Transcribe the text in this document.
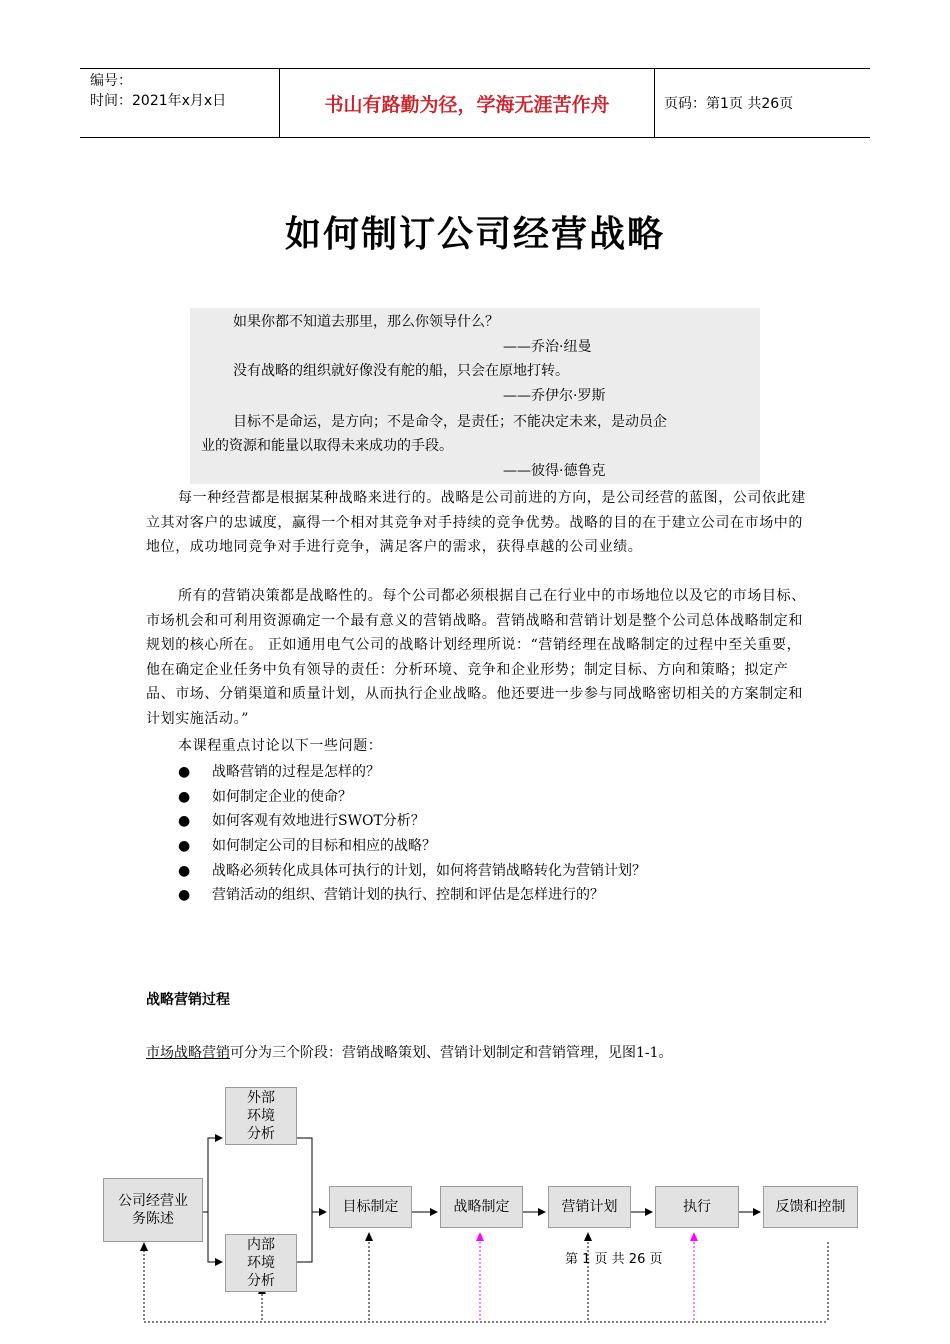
编号：
时间：2021年x月x日	书山有路勤为径，学海无涯苦作舟	页码：第1页 共26页
如何制订公司经营战略
如果你都不知道去那里，那么你领导什么？
——乔治·纽曼
没有战略的组织就好像没有舵的船，只会在原地打转。
——乔伊尔·罗斯
目标不是命运，是方向；不是命令，是责任；不能决定未来，是动员企
业的资源和能量以取得未来成功的手段。
——彼得·德鲁克
每一种经营都是根据某种战略来进行的。战略是公司前进的方向，是公司经营的蓝图，公司依此建立其对客户的忠诚度，赢得一个相对其竞争对手持续的竞争优势。战略的目的在于建立公司在市场中的地位，成功地同竞争对手进行竞争，满足客户的需求，获得卓越的公司业绩。
所有的营销决策都是战略性的。每个公司都必须根据自己在行业中的市场地位以及它的市场目标、市场机会和可利用资源确定一个最有意义的营销战略。营销战略和营销计划是整个公司总体战略制定和规划的核心所在。 正如通用电气公司的战略计划经理所说：“营销经理在战略制定的过程中至关重要，他在确定企业任务中负有领导的责任：分析环境、竞争和企业形势；制定目标、方向和策略；拟定产品、市场、分销渠道和质量计划，从而执行企业战略。他还要进一步参与同战略密切相关的方案制定和计划实施活动。”
本课程重点讨论以下一些问题：
● 战略营销的过程是怎样的？
● 如何制定企业的使命？
● 如何客观有效地进行SWOT分析？
● 如何制定公司的目标和相应的战略？
● 战略必须转化成具体可执行的计划，如何将营销战略转化为营销计划？
● 营销活动的组织、营销计划的执行、控制和评估是怎样进行的？
战略营销过程
市场战略营销可分为三个阶段：营销战略策划、营销计划制定和营销管理，见图1-1。
公司经营业务陈述
外部环境分析
内部环境分析
目标制定	战略制定	营销计划	执行	反馈和控制
第 1 页 共 26 页
